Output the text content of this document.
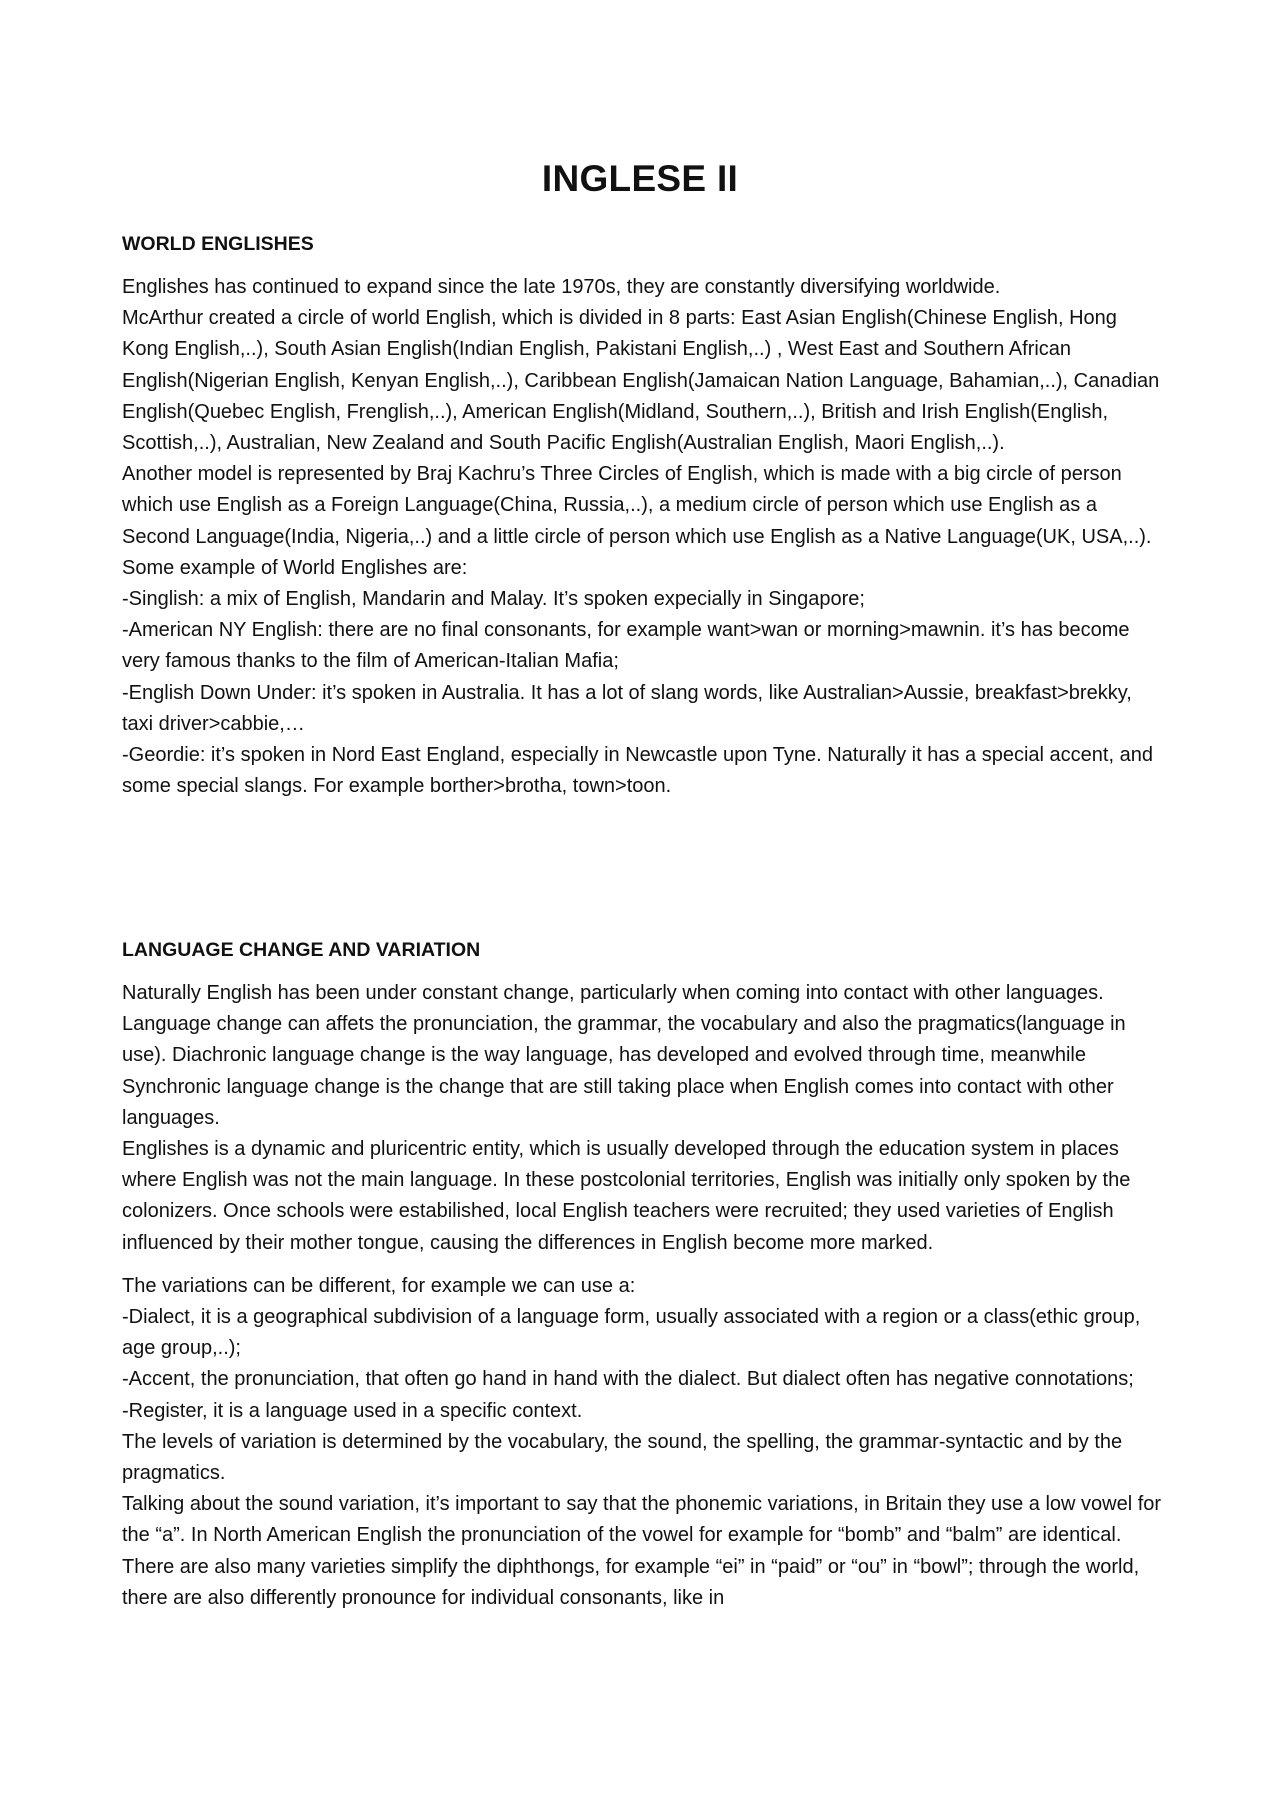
INGLESE II
WORLD ENGLISHES

Englishes has continued to expand since the late 1970s, they are constantly diversifying worldwide.

McArthur created a circle of world English, which is divided in 8 parts: East Asian English(Chinese English, Hong Kong English,..), South Asian English(Indian English, Pakistani English,..) , West East and Southern African English(Nigerian English, Kenyan English,..), Caribbean English(Jamaican Nation Language, Bahamian,..), Canadian English(Quebec English, Frenglish,..), American English(Midland, Southern,..), British and Irish English(English, Scottish,..), Australian, New Zealand and South Pacific English(Australian English, Maori English,..).

Another model is represented by Braj Kachru’s Three Circles of English, which is made with a big circle of person which use English as a Foreign Language(China, Russia,..), a medium circle of person which use English as a Second Language(India, Nigeria,..) and a little circle of person which use English as a Native Language(UK, USA,..).

Some example of World Englishes are:

-Singlish: a mix of English, Mandarin and Malay. It’s spoken expecially in Singapore;

-American NY English: there are no final consonants, for example want>wan or morning>mawnin. it’s has become very famous thanks to the film of American-Italian Mafia;

-English Down Under: it’s spoken in Australia. It has a lot of slang words, like Australian>Aussie, breakfast>brekky, taxi driver>cabbie,…

-Geordie: it’s spoken in Nord East England, especially in Newcastle upon Tyne. Naturally it has a special accent, and some special slangs. For example borther>brotha, town>toon.

LANGUAGE CHANGE AND VARIATION

Naturally English has been under constant change, particularly when coming into contact with other languages. Language change can affets the pronunciation, the grammar, the vocabulary and also the pragmatics(language in use). Diachronic language change is the way language, has developed and evolved through time, meanwhile Synchronic language change is the change that are still taking place when English comes into contact with other languages.

Englishes is a dynamic and pluricentric entity, which is usually developed through the education system in places where English was not the main language. In these postcolonial territories, English was initially only spoken by the colonizers. Once schools were estabilished, local English teachers were recruited; they used varieties of English influenced by their mother tongue, causing the differences in English become more marked.

The variations can be different, for example we can use a:

-Dialect, it is a geographical subdivision of a language form, usually associated with a region or a class(ethic group, age group,..);

-Accent, the pronunciation, that often go hand in hand with the dialect. But dialect often has negative connotations;

-Register, it is a language used in a specific context.

The levels of variation is determined by the vocabulary, the sound, the spelling, the grammar-syntactic and by the pragmatics.

Talking about the sound variation, it’s important to say that the phonemic variations, in Britain they use a low vowel for the “a”. In North American English the pronunciation of the vowel for example for “bomb” and “balm” are identical. There are also many varieties simplify the diphthongs, for example “ei” in “paid” or “ou” in “bowl”; through the world, there are also differently pronounce for individual consonants, like in
